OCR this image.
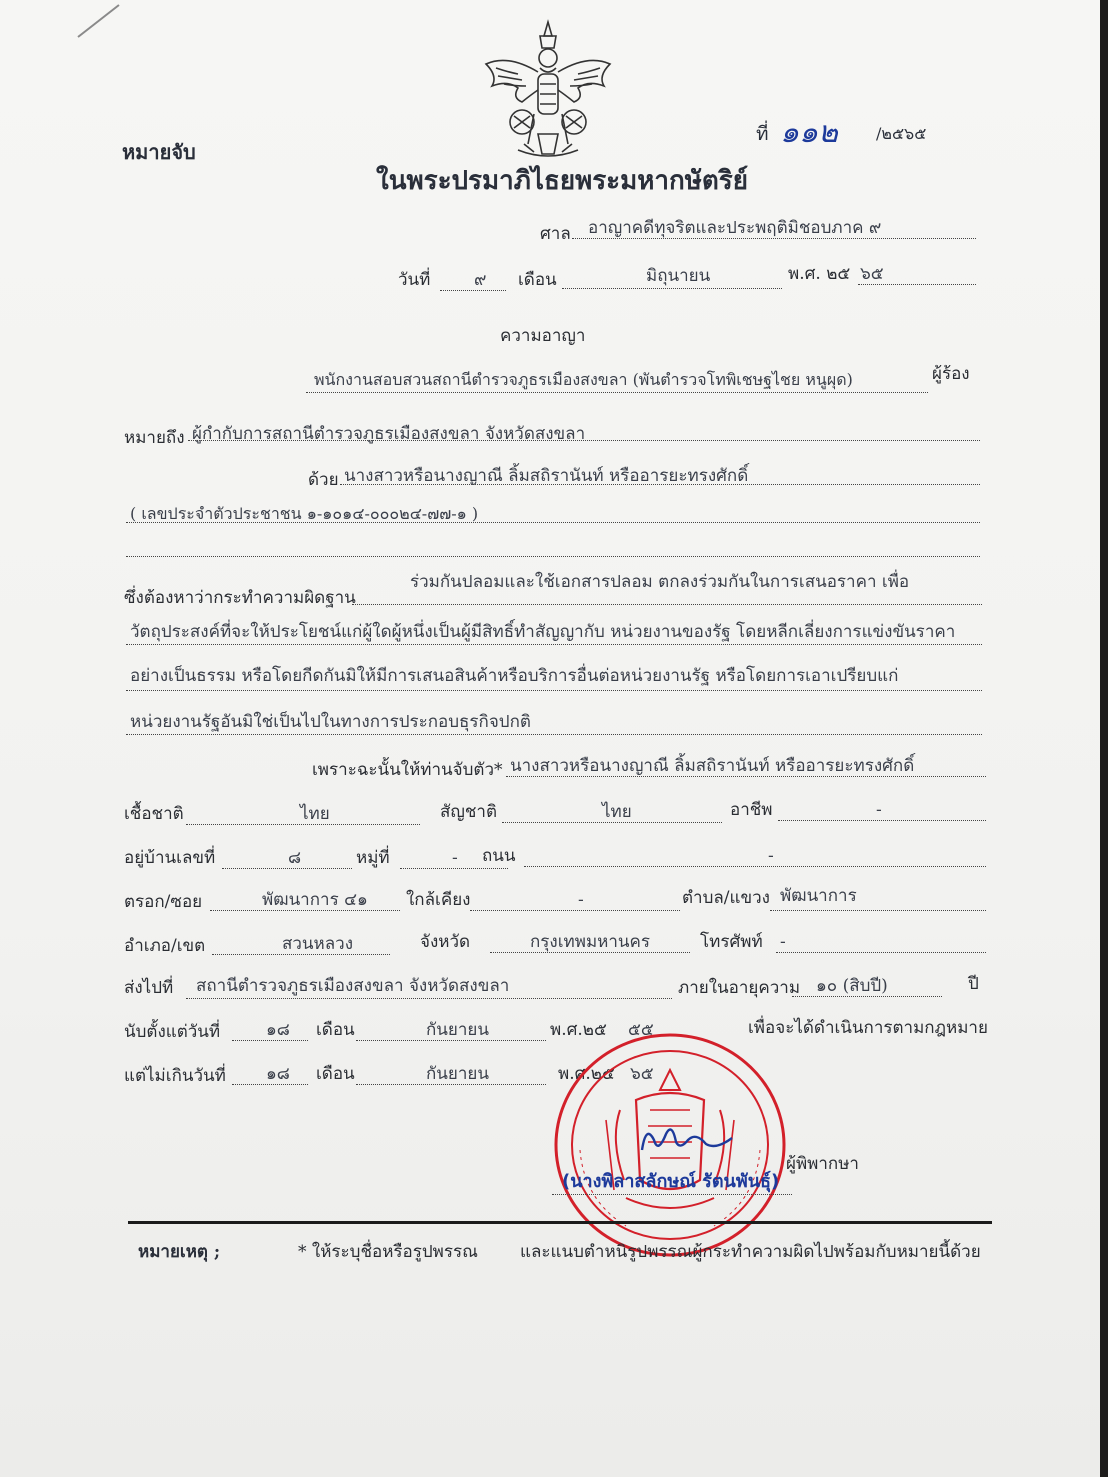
หมายจับ
ที่ ๑๑๒ /๒๕๖๕
ในพระปรมาภิไธยพระมหากษัตริย์
ศาล อาญาคดีทุจริตและประพฤติมิชอบภาค ๙
วันที่	๙ เดือน	มิถุนายน	พ.ศ. ๒๕ ๖๕
ความอาญา
พนักงานสอบสวนสถานีตำรวจภูธรเมืองสงขลา (พันตำรวจโทพิเชษฐไชย หนูผุด)	ผู้ร้อง
หมายถึง ผู้กำกับการสถานีตำรวจภูธรเมืองสงขลา จังหวัดสงขลา
ด้วย นางสาวหรือนางญาณี ลิ้มสถิรานันท์ หรืออารยะทรงศักดิ์
( เลขประจำตัวประชาชน ๑-๑๐๑๔-๐๐๐๒๔-๗๗-๑ )
ซึ่งต้องหาว่ากระทำความผิดฐาน
ร่วมกันปลอมและใช้เอกสารปลอม ตกลงร่วมกันในการเสนอราคา เพื่อ
วัตถุประสงค์ที่จะให้ประโยชน์แก่ผู้ใดผู้หนึ่งเป็นผู้มีสิทธิ์ทำสัญญากับ หน่วยงานของรัฐ โดยหลีกเลี่ยงการแข่งขันราคา
อย่างเป็นธรรม หรือโดยกีดกันมิให้มีการเสนอสินค้าหรือบริการอื่นต่อหน่วยงานรัฐ หรือโดยการเอาเปรียบแก่
หน่วยงานรัฐอันมิใช่เป็นไปในทางการประกอบธุรกิจปกติ
เพราะฉะนั้นให้ท่านจับตัว* นางสาวหรือนางญาณี ลิ้มสถิรานันท์ หรืออารยะทรงศักดิ์
เชื้อชาติ	ไทย	สัญชาติ	ไทย	อาชีพ	-
อยู่บ้านเลขที่	๘	หมู่ที่	- ถนน	-
ตรอก/ซอย	พัฒนาการ ๔๑ ใกล้เคียง	-	ตำบล/แขวง พัฒนาการ
อำเภอ/เขต	สวนหลวง	จังหวัด	กรุงเทพมหานคร	โทรศัพท์ -
ส่งไปที่ สถานีตำรวจภูธรเมืองสงขลา จังหวัดสงขลา	ภายในอายุความ ๑๐ (สิบปี)	ปี
นับตั้งแต่วันที่	๑๘ เดือน	กันยายน	พ.ศ.๒๕ ๕๕	เพื่อจะได้ดำเนินการตามกฎหมาย
แต่ไม่เกินวันที่ ๑๘ เดือน	กันยายน	พ.ศ.๒๕ ๖๕
(นางพิลาสลักษณ์ รัตนพันธุ์)
ผู้พิพากษา
หมายเหตุ ;	* ให้ระบุชื่อหรือรูปพรรณ และแนบตำหนิรูปพรรณผู้กระทำความผิดไปพร้อมกับหมายนี้ด้วย
